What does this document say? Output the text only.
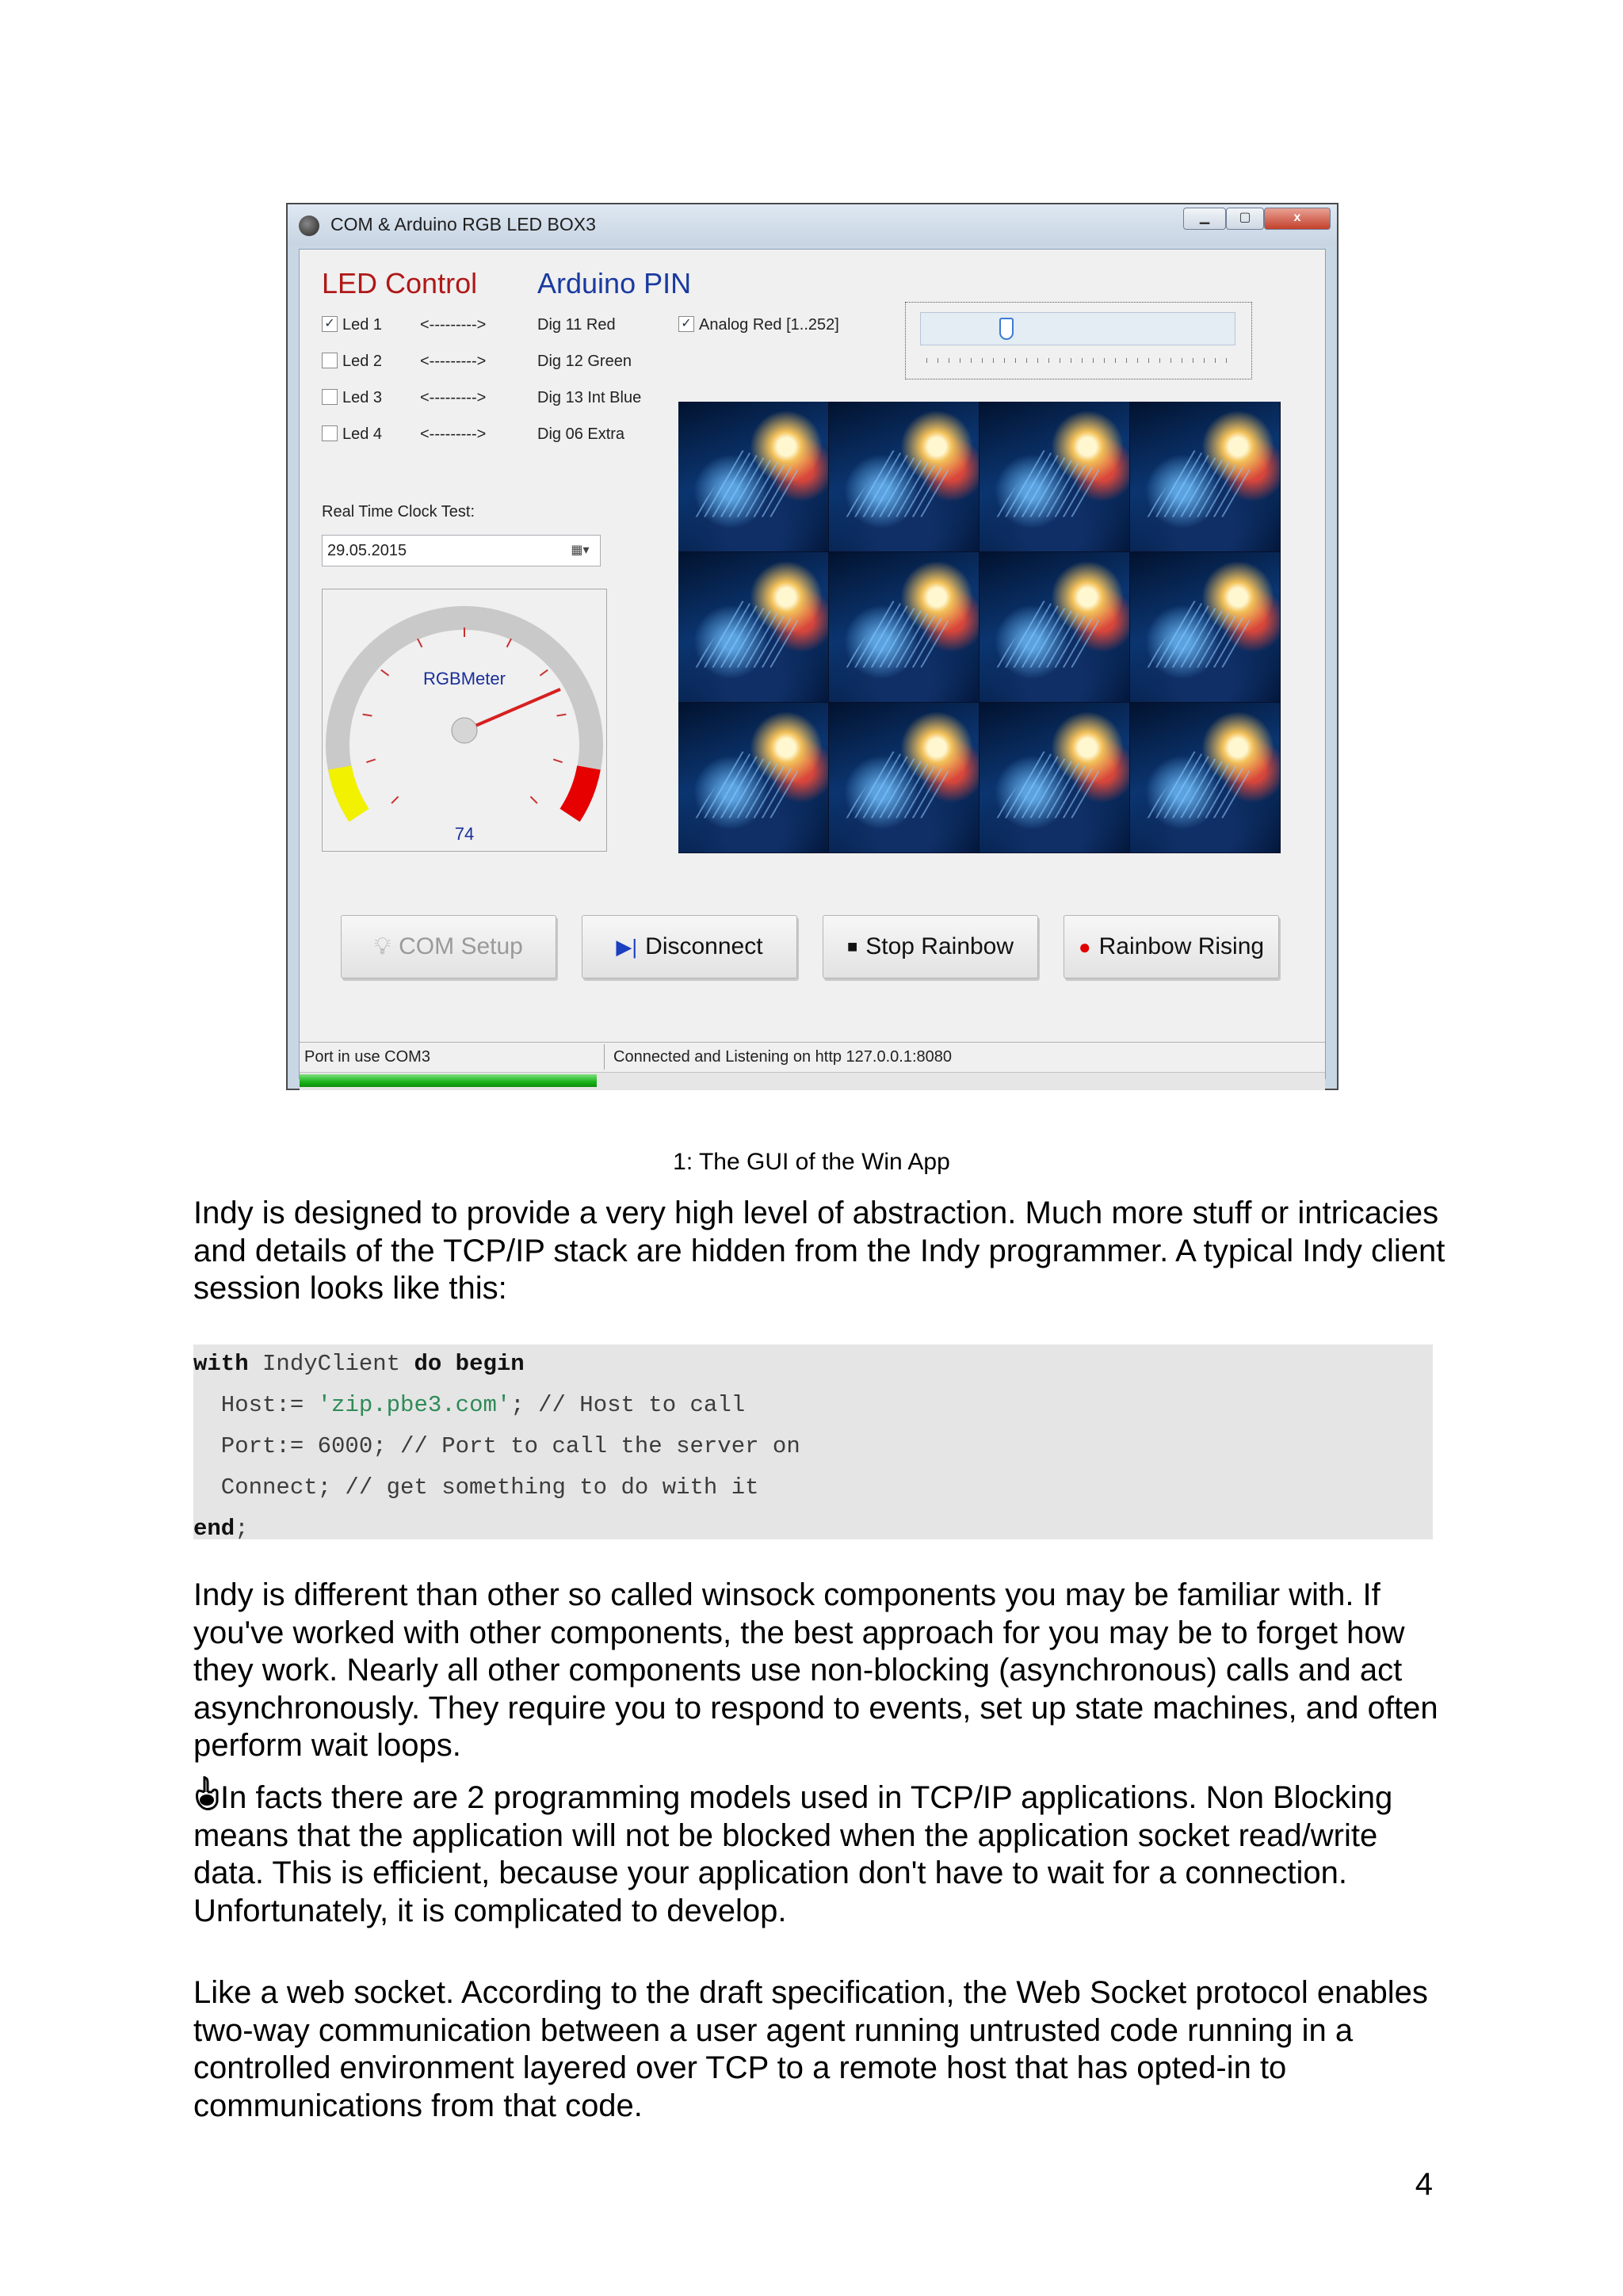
COM & Arduino RGB LED BOX3	▁	▢	x
LED Control Arduino PIN
✓ Led 1 <--------->	Dig 11 Red
Led 2 <--------->	Dig 12 Green
Led 3 <--------->	Dig 13 Int Blue
Led 4 <--------->	Dig 06 Extra
✓ Analog Red [1..252]
Real Time Clock Test:
29.05.2015	▦▾
RGBMeter
74
💡︎ COM Setup	▶| Disconnect	■ Stop Rainbow	● Rainbow Rising
Port in use COM3	Connected and Listening on http 127.0.0.1:8080
1: The GUI of the Win App

Indy is designed to provide a very high level of abstraction. Much more stuff or intricacies and details of the TCP/IP stack are hidden from the Indy programmer. A typical Indy client session looks like this:

with IndyClient do begin
Host:= 'zip.pbe3.com'; // Host to call
Port:= 6000; // Port to call the server on
Connect; // get something to do with it
end;

Indy is different than other so called winsock components you may be familiar with. If you've worked with other components, the best approach for you may be to forget how they work. Nearly all other components use non-blocking (asynchronous) calls and act asynchronously. They require you to respond to events, set up state machines, and often perform wait loops.

In facts there are 2 programming models used in TCP/IP applications. Non Blocking means that the application will not be blocked when the application socket read/write data. This is efficient, because your application don't have to wait for a connection. Unfortunately, it is complicated to develop.

Like a web socket. According to the draft specification, the Web Socket protocol enables two-way communication between a user agent running untrusted code running in a controlled environment layered over TCP to a remote host that has opted-in to communications from that code.

4
